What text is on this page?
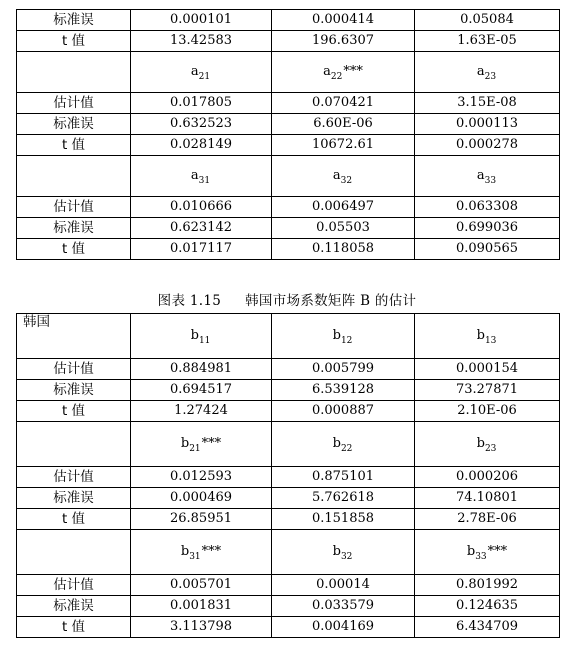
标准误	0.000101	0.000414	0.05084
t 值	13.42583	196.6307	1.63E-05
	$a_{21}$	$a_{22}***$	$a_{23}$
估计值	0.017805	0.070421	3.15E-08
标准误	0.632523	6.60E-06	0.000113
t 值	0.028149	10672.61	0.000278
	$a_{31}$	$a_{32}$	$a_{33}$
估计值	0.010666	0.006497	0.063308
标准误	0.623142	0.05503	0.699036
t 值	0.017117	0.118058	0.090565
图表 1.15 韩国市场系数矩阵 B 的估计
韩国	$b_{11}$	$b_{12}$	$b_{13}$
估计值	0.884981	0.005799	0.000154
标准误	0.694517	6.539128	73.27871
t 值	1.27424	0.000887	2.10E-06
	$b_{21}***$	$b_{22}$	$b_{23}$
估计值	0.012593	0.875101	0.000206
标准误	0.000469	5.762618	74.10801
t 值	26.85951	0.151858	2.78E-06
	$b_{31}***$	$b_{32}$	$b_{33}***$
估计值	0.005701	0.00014	0.801992
标准误	0.001831	0.033579	0.124635
t 值	3.113798	0.004169	6.434709
